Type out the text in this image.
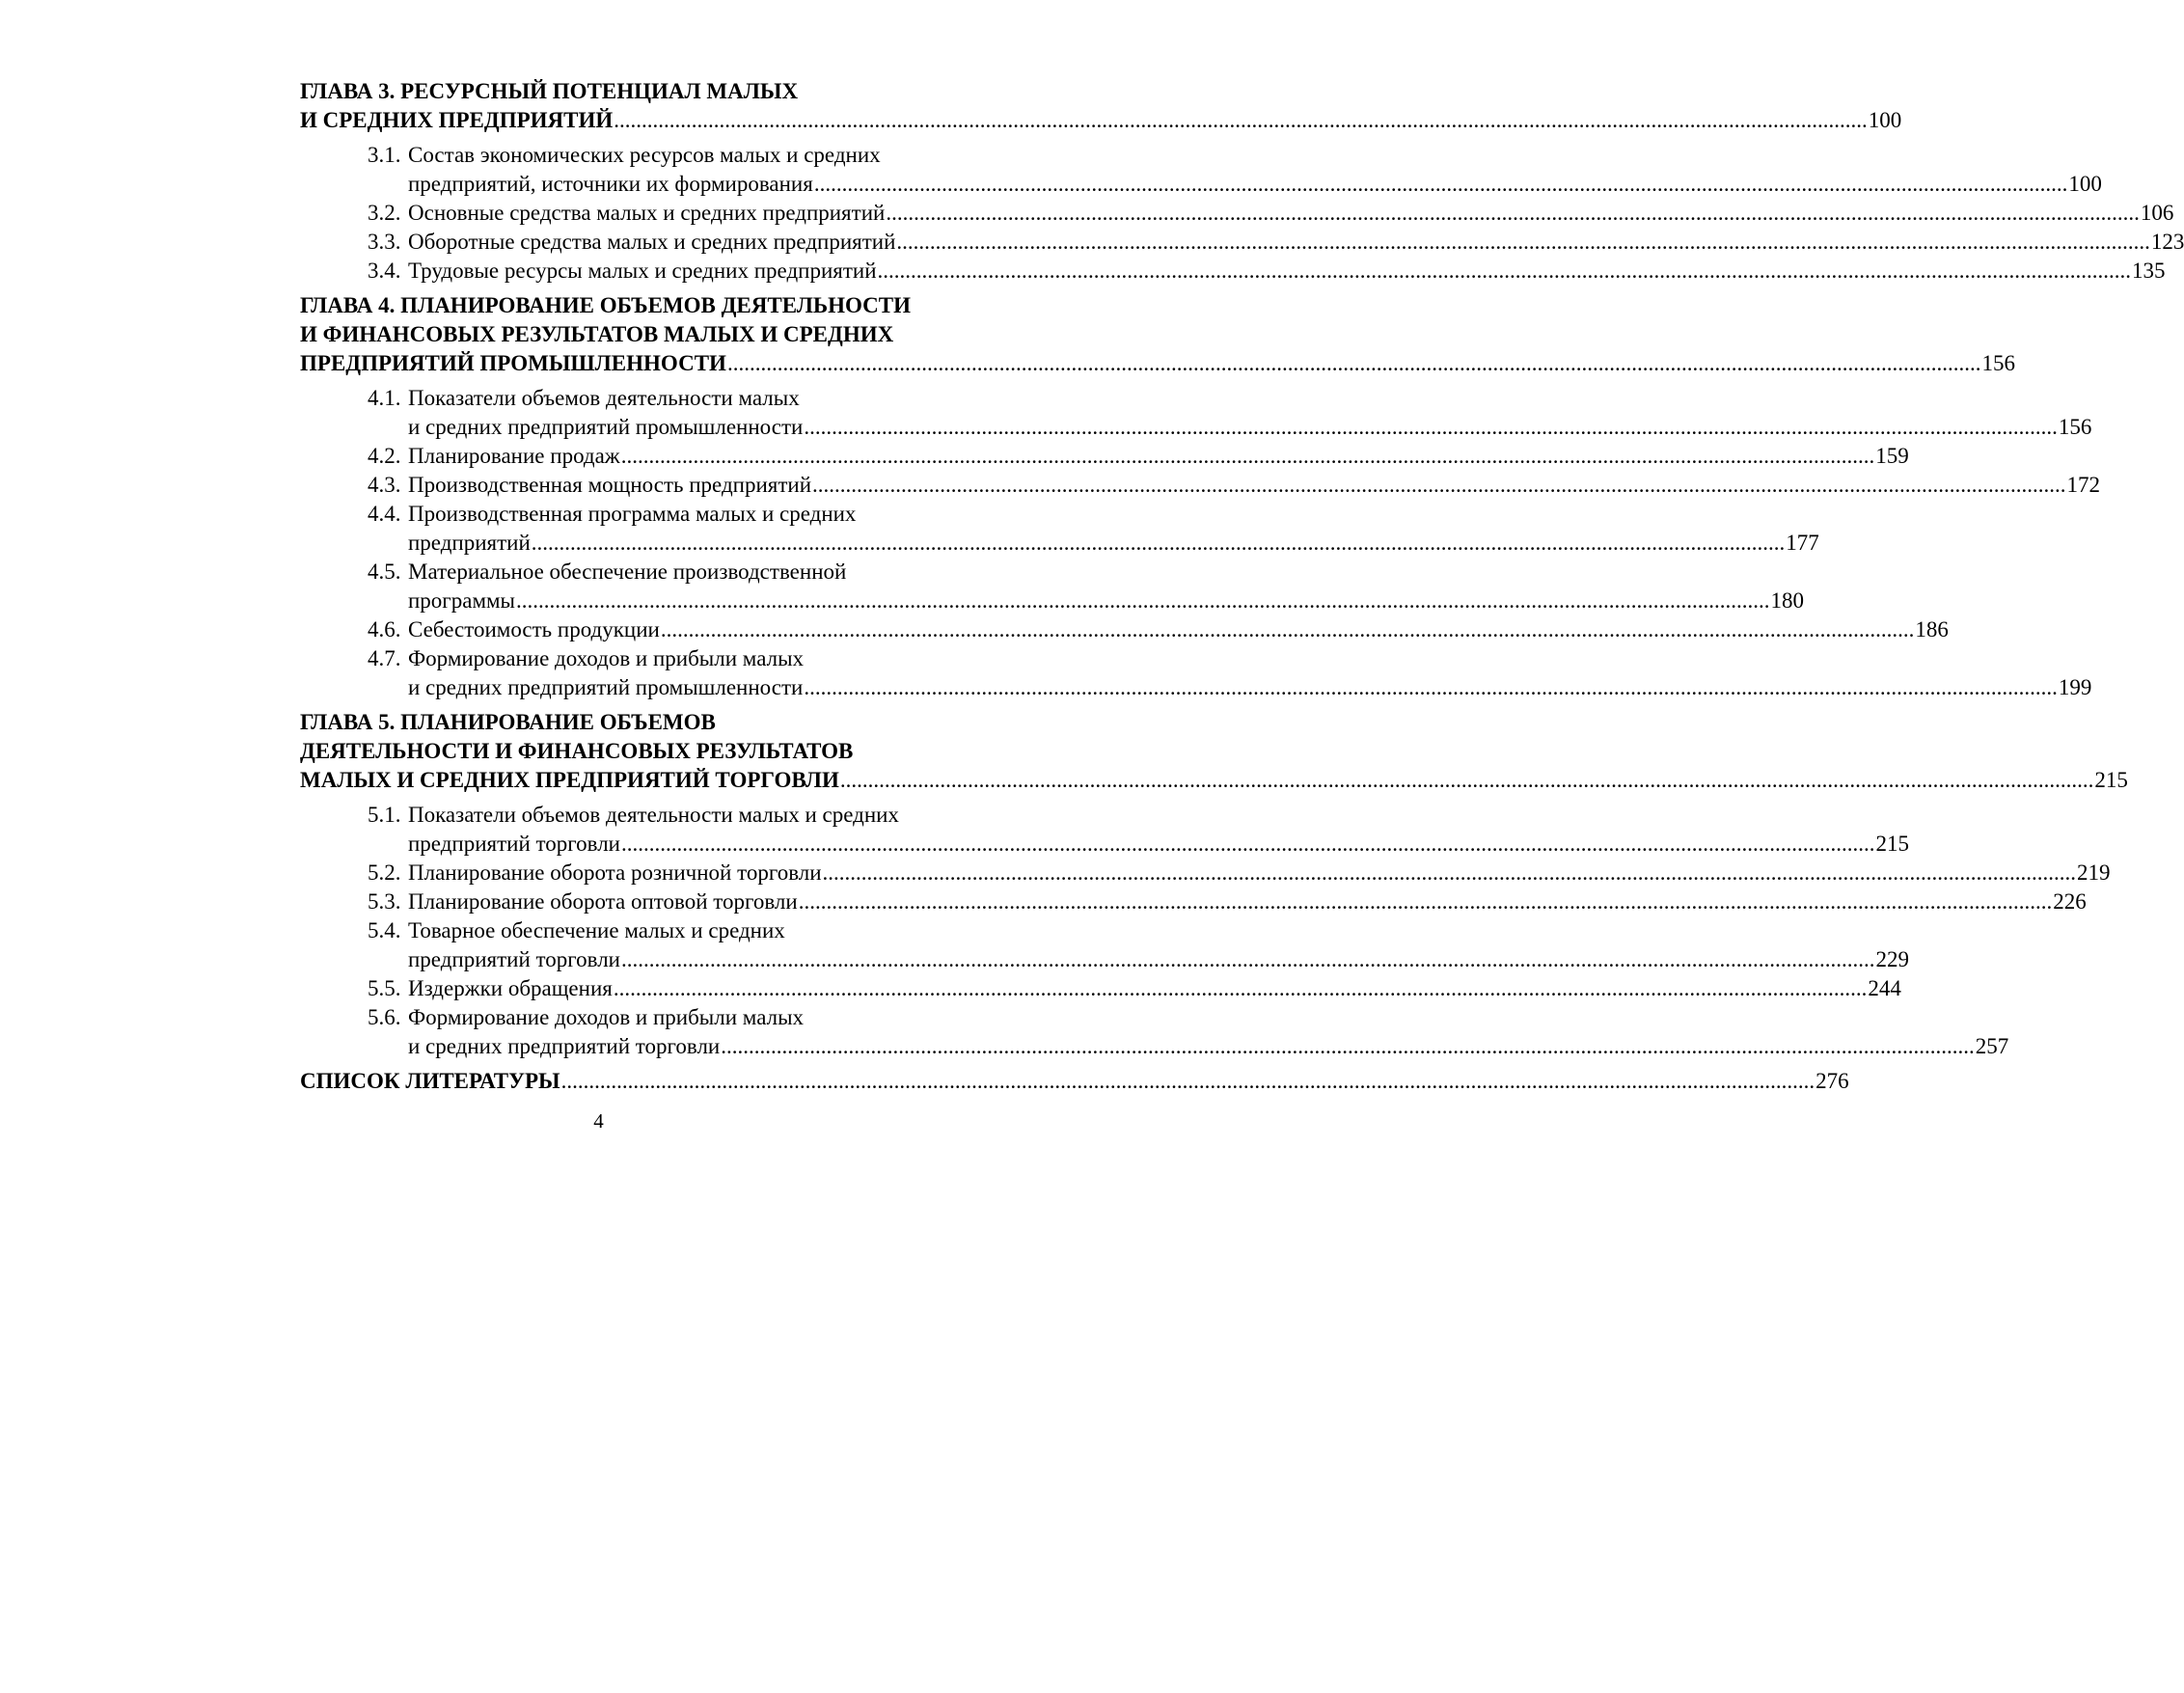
ГЛАВА 3. РЕСУРСНЫЙ ПОТЕНЦИАЛ МАЛЫХ
И СРЕДНИХ ПРЕДПРИЯТИЙ .....	100
3.1. Состав экономических ресурсов малых и средних
предприятий, источники их формирования .....	100
3.2. Основные средства малых и средних предприятий .....	106
3.3. Оборотные средства малых и средних предприятий .....	123
3.4. Трудовые ресурсы малых и средних предприятий .....	135
ГЛАВА 4. ПЛАНИРОВАНИЕ ОБЪЕМОВ ДЕЯТЕЛЬНОСТИ
И ФИНАНСОВЫХ РЕЗУЛЬТАТОВ МАЛЫХ И СРЕДНИХ
ПРЕДПРИЯТИЙ ПРОМЫШЛЕННОСТИ .....	156
4.1. Показатели объемов деятельности малых
и средних предприятий промышленности .....	156
4.2. Планирование продаж .....	159
4.3. Производственная мощность предприятий .....	172
4.4. Производственная программа малых и средних
предприятий .....	177
4.5. Материальное обеспечение производственной
программы .....	180
4.6. Себестоимость продукции .....	186
4.7. Формирование доходов и прибыли малых
и средних предприятий промышленности .....	199
ГЛАВА 5. ПЛАНИРОВАНИЕ ОБЪЕМОВ
ДЕЯТЕЛЬНОСТИ И ФИНАНСОВЫХ РЕЗУЛЬТАТОВ
МАЛЫХ И СРЕДНИХ ПРЕДПРИЯТИЙ ТОРГОВЛИ .....	215
5.1. Показатели объемов деятельности малых и средних
предприятий торговли .....	215
5.2. Планирование оборота розничной торговли .....	219
5.3. Планирование оборота оптовой торговли .....	226
5.4. Товарное обеспечение малых и средних
предприятий торговли .....	229
5.5. Издержки обращения .....	244
5.6. Формирование доходов и прибыли малых
и средних предприятий торговли .....	257
СПИСОК ЛИТЕРАТУРЫ .....	276
4
